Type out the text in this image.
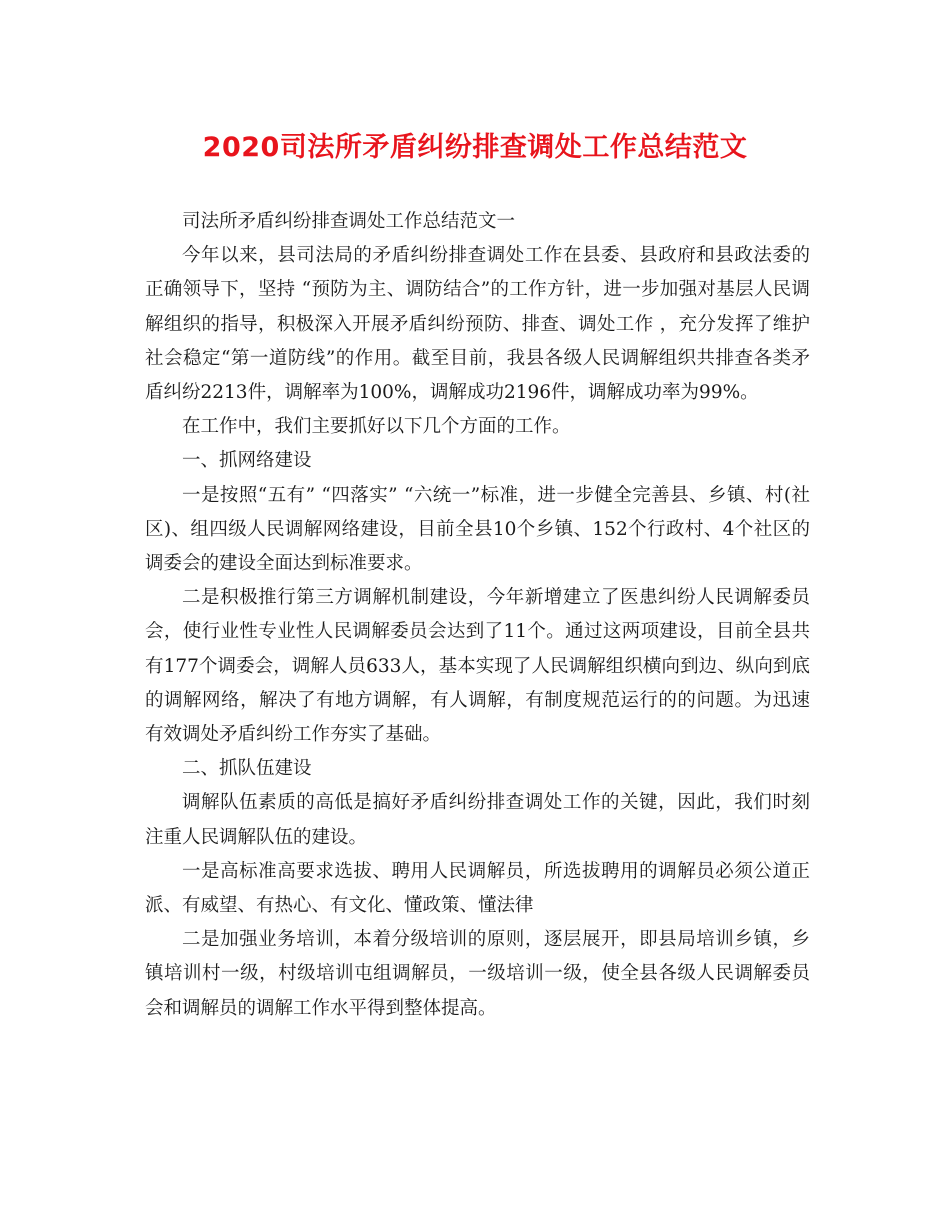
2020司法所矛盾纠纷排查调处工作总结范文

司法所矛盾纠纷排查调处工作总结范文一

今年以来，县司法局的矛盾纠纷排查调处工作在县委、县政府和县政法委的正确领导下，坚持 “预防为主、调防结合”的工作方针，进一步加强对基层人民调解组织的指导，积极深入开展矛盾纠纷预防、排查、调处工作 ，充分发挥了维护社会稳定“第一道防线”的作用。截至目前，我县各级人民调解组织共排查各类矛盾纠纷2213件，调解率为100%，调解成功2196件，调解成功率为99%。

在工作中，我们主要抓好以下几个方面的工作。

一、抓网络建设

一是按照“五有” “四落实” “六统一”标准，进一步健全完善县、乡镇、村(社区)、组四级人民调解网络建设，目前全县10个乡镇、152个行政村、4个社区的调委会的建设全面达到标准要求。

二是积极推行第三方调解机制建设，今年新增建立了医患纠纷人民调解委员会，使行业性专业性人民调解委员会达到了11个。通过这两项建设，目前全县共有177个调委会，调解人员633人，基本实现了人民调解组织横向到边、纵向到底的调解网络，解决了有地方调解，有人调解，有制度规范运行的的问题。为迅速有效调处矛盾纠纷工作夯实了基础。

二、抓队伍建设

调解队伍素质的高低是搞好矛盾纠纷排查调处工作的关键，因此，我们时刻注重人民调解队伍的建设。

一是高标准高要求选拔、聘用人民调解员，所选拔聘用的调解员必须公道正派、有威望、有热心、有文化、懂政策、懂法律

二是加强业务培训，本着分级培训的原则，逐层展开，即县局培训乡镇，乡镇培训村一级，村级培训屯组调解员，一级培训一级，使全县各级人民调解委员会和调解员的调解工作水平得到整体提高。
